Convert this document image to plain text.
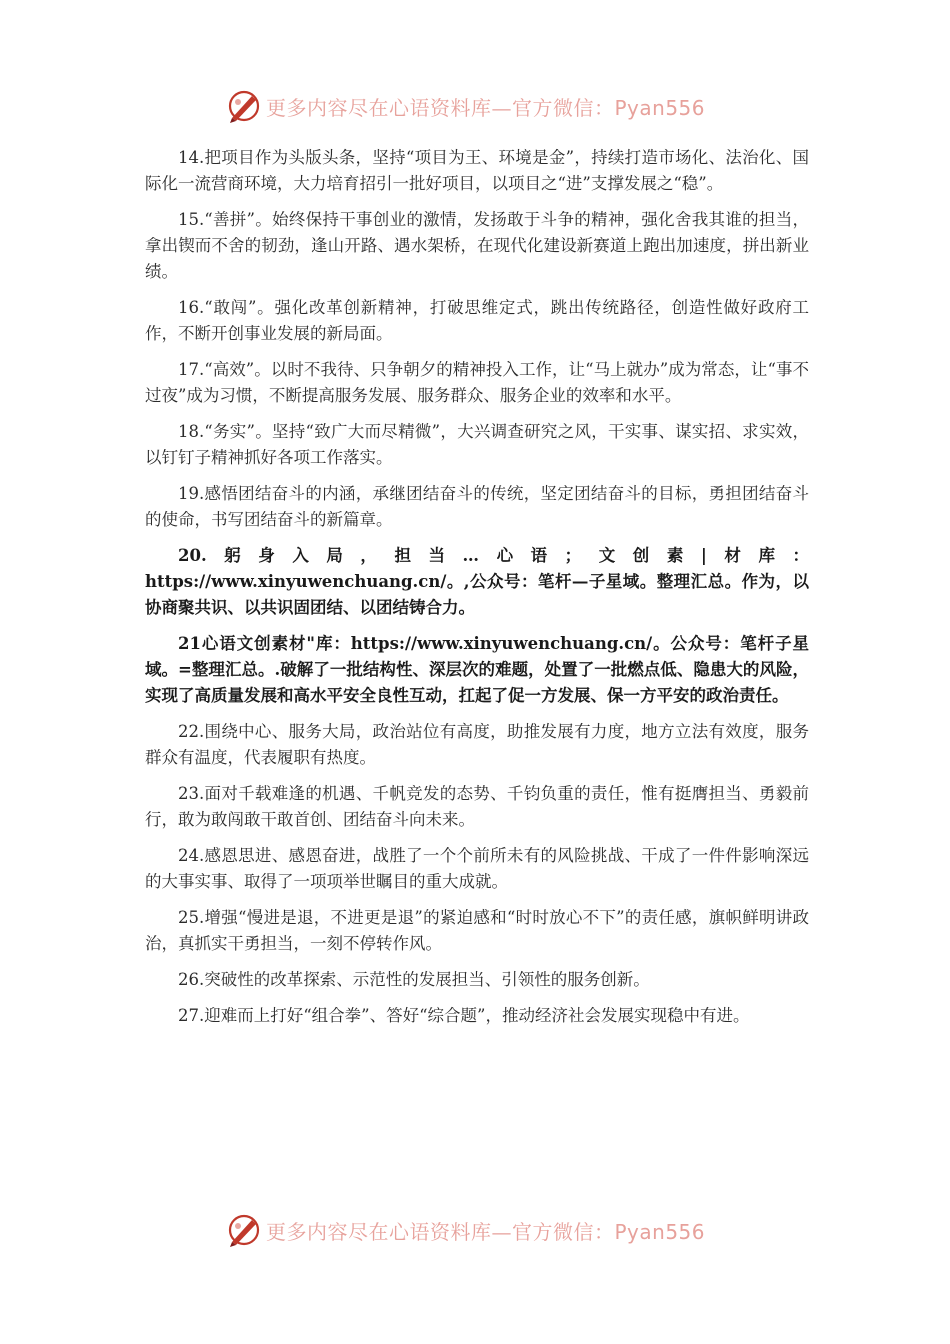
更多内容尽在心语资料库—官方微信：Pyan556

14.把项目作为头版头条，坚持“项目为王、环境是金”，持续打造市场化、法治化、国际化一流营商环境，大力培育招引一批好项目，以项目之“进”支撑发展之“稳”。

15.“善拼”。始终保持干事创业的激情，发扬敢于斗争的精神，强化舍我其谁的担当，拿出锲而不舍的韧劲，逢山开路、遇水架桥，在现代化建设新赛道上跑出加速度，拼出新业绩。

16.“敢闯”。强化改革创新精神，打破思维定式，跳出传统路径，创造性做好政府工作，不断开创事业发展的新局面。

17.“高效”。以时不我待、只争朝夕的精神投入工作，让“马上就办”成为常态，让“事不过夜”成为习惯，不断提高服务发展、服务群众、服务企业的效率和水平。

18.“务实”。坚持“致广大而尽精微”，大兴调查研究之风，干实事、谋实招、求实效，以钉钉子精神抓好各项工作落实。

19.感悟团结奋斗的内涵，承继团结奋斗的传统，坚定团结奋斗的目标，勇担团结奋斗的使命，书写团结奋斗的新篇章。

20.躬身入局，担当…心语；文创素|材库：https://www.xinyuwenchuang.cn/。,公众号：笔杆—子星域。整理汇总。作为，以协商聚共识、以共识固团结、以团结铸合力。

21心语文创素材"库：https://www.xinyuwenchuang.cn/。公众号：笔杆子星域。=整理汇总。.破解了一批结构性、深层次的难题，处置了一批燃点低、隐患大的风险，实现了高质量发展和高水平安全良性互动，扛起了促一方发展、保一方平安的政治责任。

22.围绕中心、服务大局，政治站位有高度，助推发展有力度，地方立法有效度，服务群众有温度，代表履职有热度。

23.面对千载难逢的机遇、千帆竞发的态势、千钧负重的责任，惟有挺膺担当、勇毅前行，敢为敢闯敢干敢首创、团结奋斗向未来。

24.感恩思进、感恩奋进，战胜了一个个前所未有的风险挑战、干成了一件件影响深远的大事实事、取得了一项项举世瞩目的重大成就。

25.增强“慢进是退，不进更是退”的紧迫感和“时时放心不下”的责任感，旗帜鲜明讲政治，真抓实干勇担当，一刻不停转作风。

26.突破性的改革探索、示范性的发展担当、引领性的服务创新。

27.迎难而上打好“组合拳”、答好“综合题”，推动经济社会发展实现稳中有进。

更多内容尽在心语资料库—官方微信：Pyan556
